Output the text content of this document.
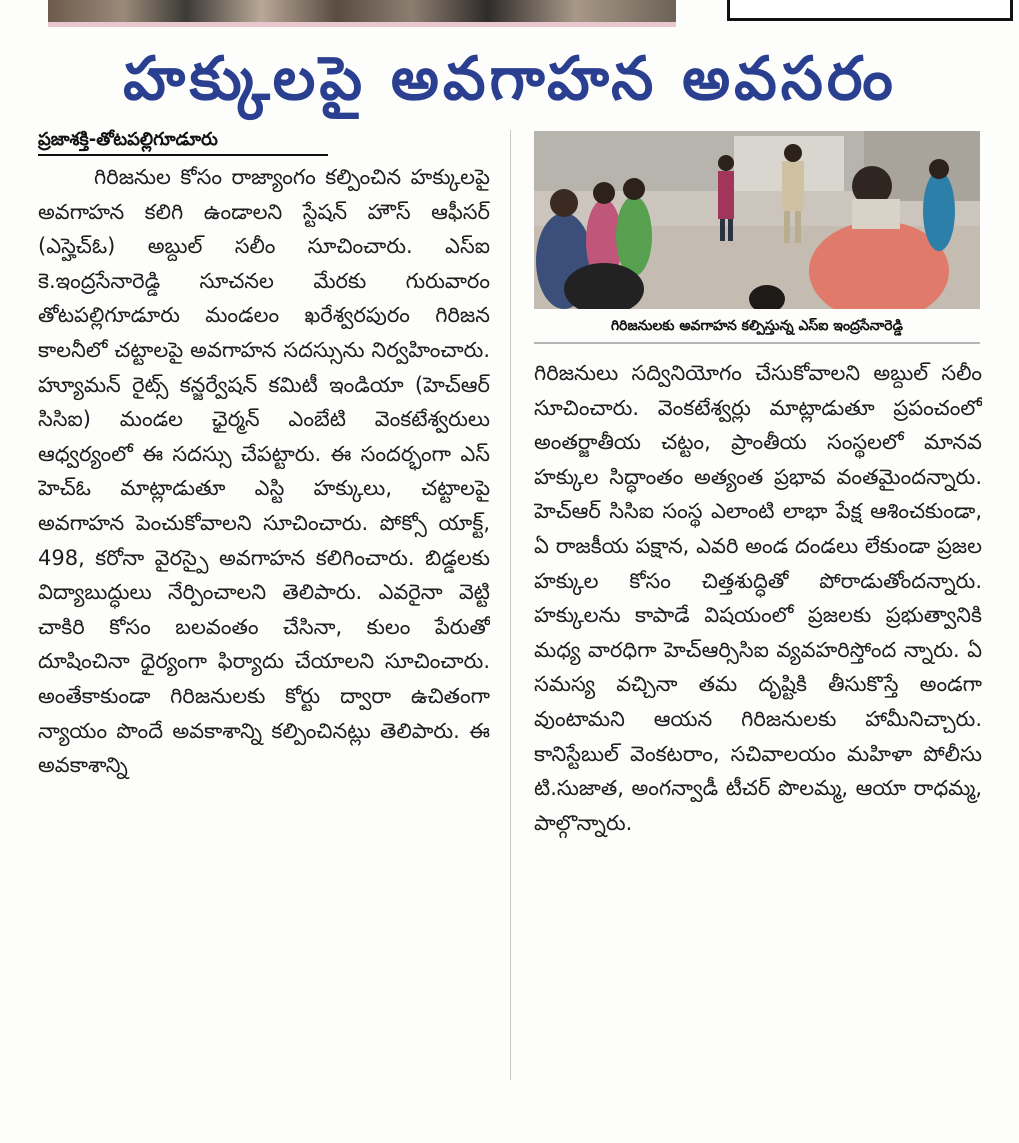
హక్కులపై అవగాహన అవసరం
ప్రజాశక్తి-తోటపల్లిగూడూరు

గిరిజనుల కోసం రాజ్యాంగం కల్పించిన హక్కులపై అవగాహన కలిగి ఉండాలని స్టేషన్ హౌస్ ఆఫీసర్ (ఎస్హెచ్ఓ) అబ్దుల్ సలీం సూచించారు. ఎస్ఐ కె.ఇంద్రసేనారెడ్డి సూచనల మేరకు గురువారం తోటపల్లిగూడూరు మండలం ఖరేశ్వరపురం గిరిజన కాలనీలో చట్టాలపై అవగాహన సదస్సును నిర్వహించారు. హ్యూమన్ రైట్స్ కన్జర్వేషన్ కమిటీ ఇండియా (హెచ్ఆర్ సిసిఐ) మండల ఛైర్మన్ ఎంబేటి వెంకటేశ్వరులు ఆధ్వర్యంలో ఈ సదస్సు చేపట్టారు. ఈ సందర్భంగా ఎస్ హెచ్ఓ మాట్లాడుతూ ఎస్టి హక్కులు, చట్టాలపై అవగాహన పెంచుకోవాలని సూచించారు. పోక్సో యాక్ట్, 498, కరోనా వైరస్పై అవగాహన కలిగించారు. బిడ్డలకు విద్యాబుద్ధులు నేర్పించాలని తెలిపారు. ఎవరైనా వెట్టి చాకిరి కోసం బలవంతం చేసినా, కులం పేరుతో దూషించినా ధైర్యంగా ఫిర్యాదు చేయాలని సూచించారు. అంతేకాకుండా గిరిజనులకు కోర్టు ద్వారా ఉచితంగా న్యాయం పొందే అవకాశాన్ని కల్పించినట్లు తెలిపారు. ఈ అవకాశాన్ని

గిరిజనులకు అవగాహన కల్పిస్తున్న ఎస్ఐ ఇంద్రసేనారెడ్డి

గిరిజనులు సద్వినియోగం చేసుకోవాలని అబ్దుల్ సలీం సూచించారు. వెంకటేశ్వర్లు మాట్లాడుతూ ప్రపంచంలో అంతర్జాతీయ చట్టం, ప్రాంతీయ సంస్థలలో మానవ హక్కుల సిద్ధాంతం అత్యంత ప్రభావ వంతమైందన్నారు. హెచ్ఆర్ సిసిఐ సంస్థ ఎలాంటి లాభా పేక్ష ఆశించకుండా, ఏ రాజకీయ పక్షాన, ఎవరి అండ దండలు లేకుండా ప్రజల హక్కుల కోసం చిత్తశుద్ధితో పోరాడుతోందన్నారు. హక్కులను కాపాడే విషయంలో ప్రజలకు ప్రభుత్వానికి మధ్య వారధిగా హెచ్ఆర్సిసిఐ వ్యవహరిస్తోంద న్నారు. ఏ సమస్య వచ్చినా తమ దృష్టికి తీసుకొస్తే అండగా వుంటామని ఆయన గిరిజనులకు హామీనిచ్చారు. కానిస్టేబుల్ వెంకటరాం, సచివాలయం మహిళా పోలీసు టి.సుజాత, అంగన్వాడీ టీచర్ పొలమ్మ, ఆయా రాధమ్మ, పాల్గొన్నారు.
